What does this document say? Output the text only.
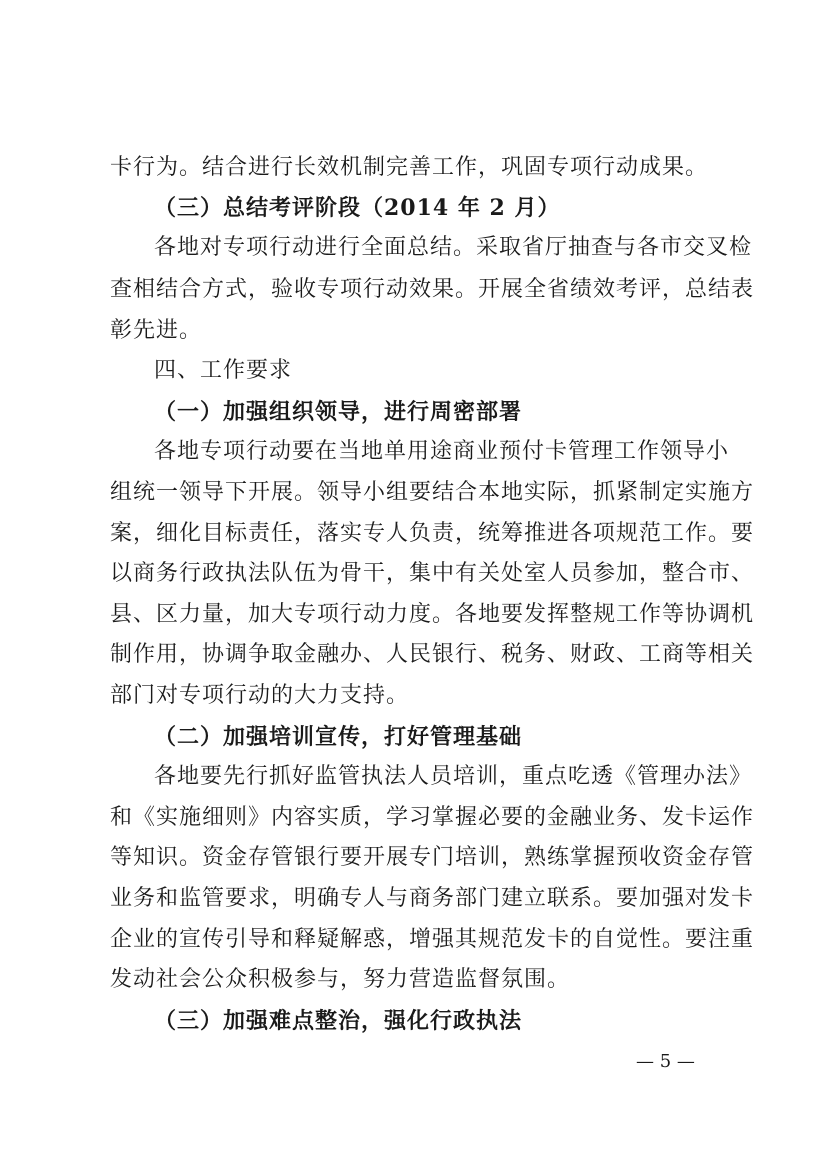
卡行为。结合进行长效机制完善工作，巩固专项行动成果。
（三）总结考评阶段（2014 年 2 月）
各地对专项行动进行全面总结。采取省厅抽查与各市交叉检
查相结合方式，验收专项行动效果。开展全省绩效考评，总结表
彰先进。
四、工作要求
（一）加强组织领导，进行周密部署
各地专项行动要在当地单用途商业预付卡管理工作领导小
组统一领导下开展。领导小组要结合本地实际，抓紧制定实施方
案，细化目标责任，落实专人负责，统筹推进各项规范工作。要
以商务行政执法队伍为骨干，集中有关处室人员参加，整合市、
县、区力量，加大专项行动力度。各地要发挥整规工作等协调机
制作用，协调争取金融办、人民银行、税务、财政、工商等相关
部门对专项行动的大力支持。
（二）加强培训宣传，打好管理基础
各地要先行抓好监管执法人员培训，重点吃透《管理办法》
和《实施细则》内容实质，学习掌握必要的金融业务、发卡运作
等知识。资金存管银行要开展专门培训，熟练掌握预收资金存管
业务和监管要求，明确专人与商务部门建立联系。要加强对发卡
企业的宣传引导和释疑解惑，增强其规范发卡的自觉性。要注重
发动社会公众积极参与，努力营造监督氛围。
（三）加强难点整治，强化行政执法
— 5 —
